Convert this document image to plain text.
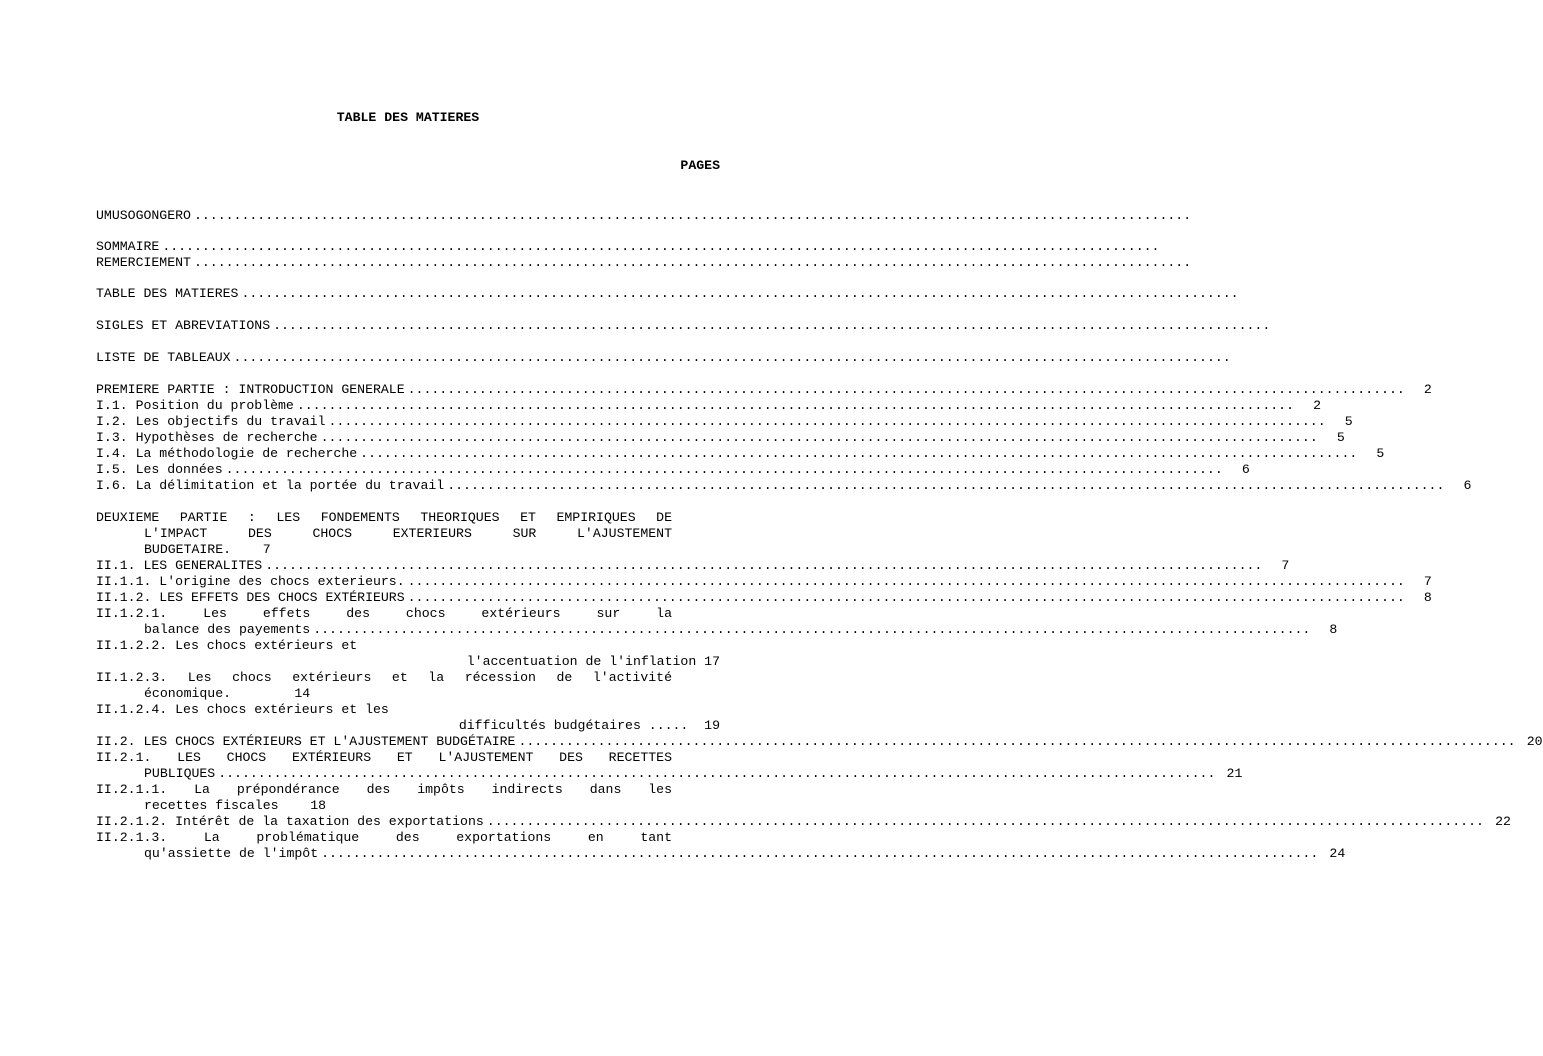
TABLE DES MATIERES
PAGES
UMUSOGONGERO ..............................................................................................................................
SOMMAIRE ..............................................................................................................................
REMERCIEMENT ..............................................................................................................................
TABLE DES MATIERES ..............................................................................................................................
SIGLES ET ABREVIATIONS ..............................................................................................................................
LISTE DE TABLEAUX ..............................................................................................................................
PREMIERE PARTIE : INTRODUCTION GENERALE ..............................................................................................................................	2
I.1. Position du problème ..............................................................................................................................	2
I.2. Les objectifs du travail ..............................................................................................................................	5
I.3. Hypothèses de recherche ..............................................................................................................................	5
I.4. La méthodologie de recherche ..............................................................................................................................	5
I.5. Les données ..............................................................................................................................	6
I.6. La délimitation et la portée du travail ..............................................................................................................................	6
DEUXIEME PARTIE : LES FONDEMENTS THEORIQUES ET EMPIRIQUES DE
L'IMPACT DES CHOCS EXTERIEURS SUR L'AJUSTEMENT
BUDGETAIRE.    7
II.1. LES GENERALITES ..............................................................................................................................	7
II.1.1. L'origine des chocs exterieurs. ..............................................................................................................................	7
II.1.2. LES EFFETS DES CHOCS EXTÉRIEURS ..............................................................................................................................	8
II.1.2.1. Les effets des chocs extérieurs sur la
balance des payements ..............................................................................................................................	8
II.1.2.2. Les chocs extérieurs et
l'accentuation de l'inflation 17
II.1.2.3. Les chocs extérieurs et la récession de l'activité
économique.        14
II.1.2.4. Les chocs extérieurs et les
difficultés budgétaires .....  19
II.2. LES CHOCS EXTÉRIEURS ET L'AJUSTEMENT BUDGÉTAIRE .............................................................................................................................. 20
II.2.1. LES CHOCS EXTÉRIEURS ET L'AJUSTEMENT DES RECETTES
PUBLIQUES .............................................................................................................................. 21
II.2.1.1. La prépondérance des impôts indirects dans les
recettes fiscales    18
II.2.1.2. Intérêt de la taxation des exportations .............................................................................................................................. 22
II.2.1.3. La problématique des exportations en tant
qu'assiette de l'impôt .............................................................................................................................. 24
